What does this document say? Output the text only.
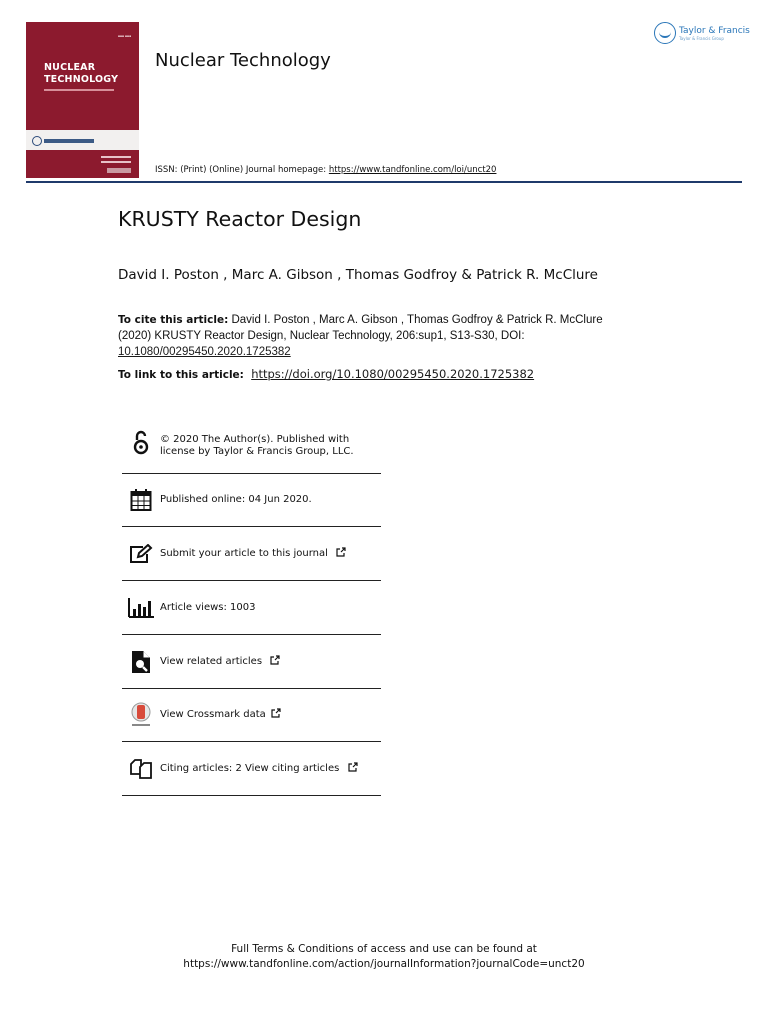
▪▪▪ ▪▪▪
NUCLEAR
TECHNOLOGY
Nuclear Technology
Taylor & Francis
Taylor & Francis Group
ISSN: (Print) (Online) Journal homepage: https://www.tandfonline.com/loi/unct20
KRUSTY Reactor Design
David I. Poston , Marc A. Gibson , Thomas Godfroy & Patrick R. McClure
To cite this article: David I. Poston , Marc A. Gibson , Thomas Godfroy & Patrick R. McClure (2020) KRUSTY Reactor Design, Nuclear Technology, 206:sup1, S13-S30, DOI: 10.1080/00295450.2020.1725382
To link to this article: https://doi.org/10.1080/00295450.2020.1725382
© 2020 The Author(s). Published with
license by Taylor & Francis Group, LLC.
Published online: 04 Jun 2020.
Submit your article to this journal
Article views: 1003
View related articles
View Crossmark data
Citing articles: 2 View citing articles
Full Terms & Conditions of access and use can be found at
https://www.tandfonline.com/action/journalInformation?journalCode=unct20
